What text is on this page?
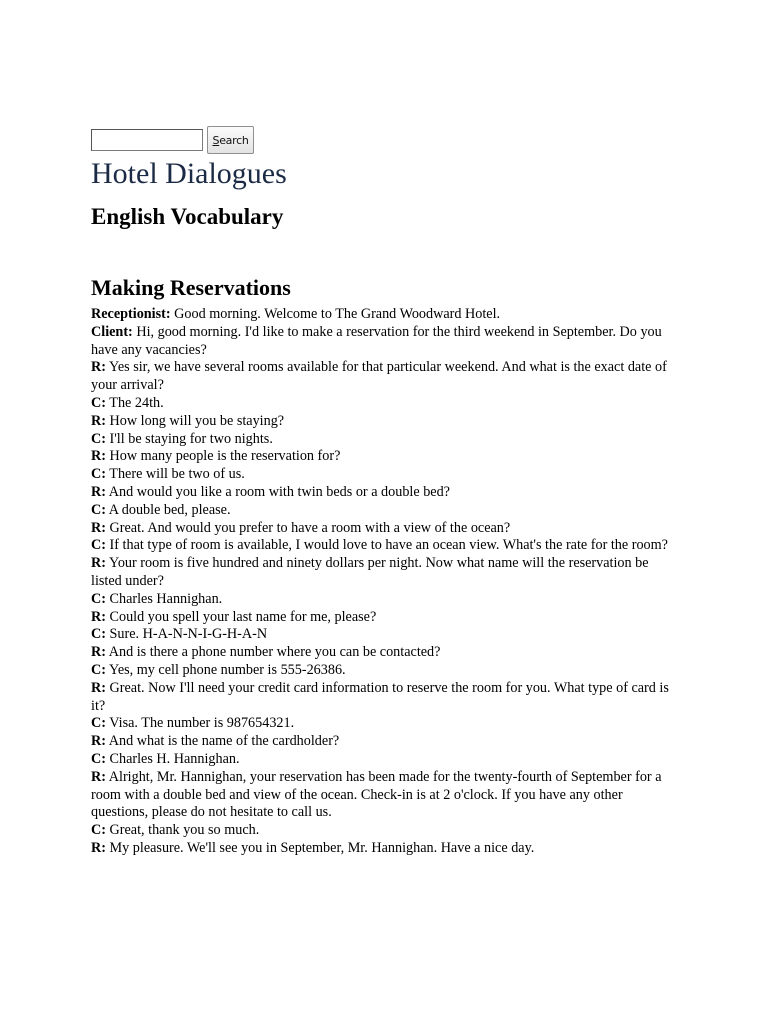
S earch
Hotel Dialogues
English Vocabulary
Making Reservations

Receptionist: Good morning. Welcome to The Grand Woodward Hotel.

Client: Hi, good morning. I'd like to make a reservation for the third weekend in September. Do you have any vacancies?

R: Yes sir, we have several rooms available for that particular weekend. And what is the exact date of your arrival?

C: The 24th.

R: How long will you be staying?

C: I'll be staying for two nights.

R: How many people is the reservation for?

C: There will be two of us.

R: And would you like a room with twin beds or a double bed?

C: A double bed, please.

R: Great. And would you prefer to have a room with a view of the ocean?

C: If that type of room is available, I would love to have an ocean view. What's the rate for the room?

R: Your room is five hundred and ninety dollars per night. Now what name will the reservation be listed under?

C: Charles Hannighan.

R: Could you spell your last name for me, please?

C: Sure. H-A-N-N-I-G-H-A-N

R: And is there a phone number where you can be contacted?

C: Yes, my cell phone number is 555-26386.

R: Great. Now I'll need your credit card information to reserve the room for you. What type of card is it?

C: Visa. The number is 987654321.

R: And what is the name of the cardholder?

C: Charles H. Hannighan.

R: Alright, Mr. Hannighan, your reservation has been made for the twenty-fourth of September for a room with a double bed and view of the ocean. Check-in is at 2 o'clock. If you have any other questions, please do not hesitate to call us.

C: Great, thank you so much.

R: My pleasure. We'll see you in September, Mr. Hannighan. Have a nice day.
